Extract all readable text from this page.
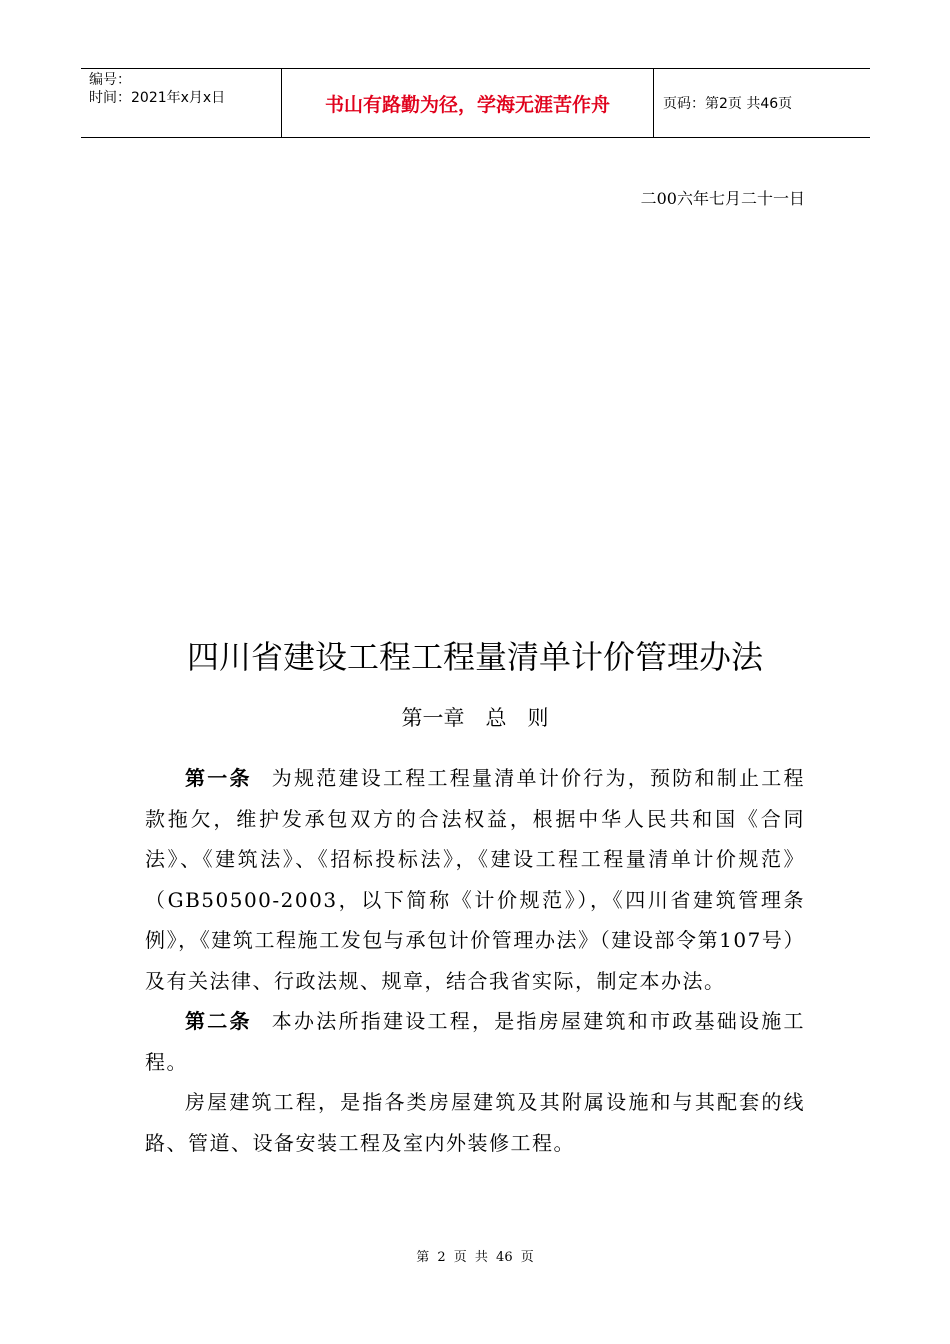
编号：
时间：2021年x月x日	书山有路勤为径，学海无涯苦作舟	页码：第2页 共46页
二00六年七月二十一日
四川省建设工程工程量清单计价管理办法
第一章　总　则

第一条 为规范建设工程工程量清单计价行为，预防和制止工程款拖欠，维护发承包双方的合法权益，根据中华人民共和国《合同法》、《建筑法》、《招标投标法》，《建设工程工程量清单计价规范》（GB50500-2003，以下简称《计价规范》），《四川省建筑管理条例》，《建筑工程施工发包与承包计价管理办法》（建设部令第107号）及有关法律、行政法规、规章，结合我省实际，制定本办法。

第二条 本办法所指建设工程，是指房屋建筑和市政基础设施工程。

房屋建筑工程，是指各类房屋建筑及其附属设施和与其配套的线路、管道、设备安装工程及室内外装修工程。

第 2 页 共 46 页
